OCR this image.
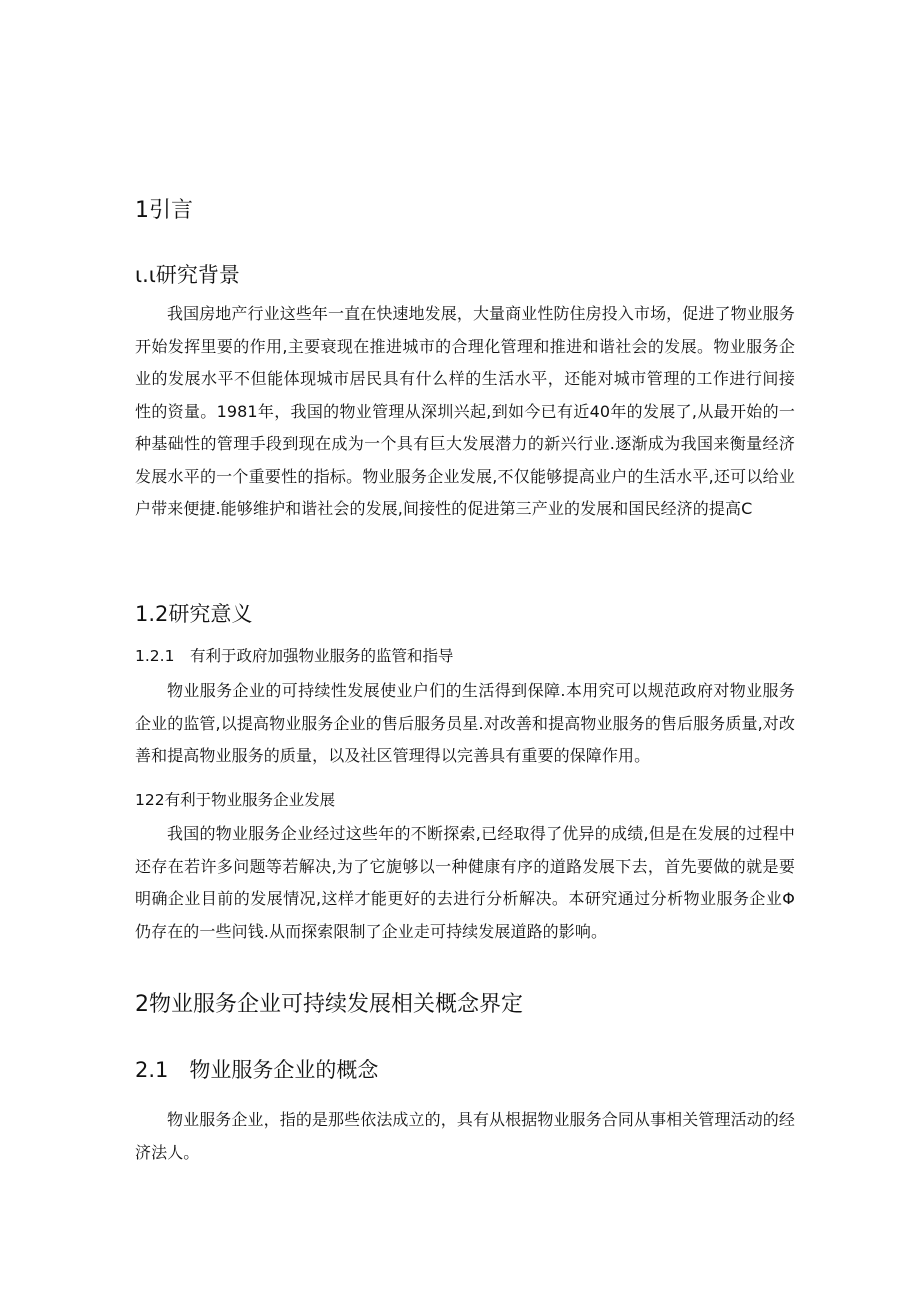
1引言
ι.ι研究背景

我国房地产行业这些年一直在快速地发展，大量商业性防住房投入市场，促进了物业服务开始发挥里要的作用,主要衰现在推进城市的合理化管理和推进和谐社会的发展。物业服务企业的发展水平不但能体现城市居民具有什么样的生活水平，还能对城市管理的工作进行间接性的资量。1981年，我国的物业管理从深圳兴起,到如今已有近40年的发展了,从最开始的一种基础性的管理手段到现在成为一个具有巨大发展潜力的新兴行业.逐渐成为我国来衡量经济发展水平的一个重要性的指标。物业服务企业发展,不仅能够提高业户的生活水平,还可以给业户带来便捷.能够维护和谐社会的发展,间接性的促进第三产业的发展和国民经济的提高C

1.2研究意义
1.2.1　有利于政府加强物业服务的监管和指导

物业服务企业的可持续性发展使业户们的生活得到保障.本用究可以规范政府对物业服务企业的监管,以提高物业服务企业的售后服务员星.对改善和提高物业服务的售后服务质量,对改善和提高物业服务的质量，以及社区管理得以完善具有重要的保障作用。

122有利于物业服务企业发展

我国的物业服务企业经过这些年的不断探索,已经取得了优异的成绩,但是在发展的过程中还存在若许多问题等若解决,为了它旎够以一种健康有序的道路发展下去，首先要做的就是要明确企业目前的发展情况,这样才能更好的去进行分析解决。本研究通过分析物业服务企业Φ仍存在的一些问钱.从而探索限制了企业走可持续发展道路的影响。

2物业服务企业可持续发展相关概念界定
2.1　物业服务企业的概念

物业服务企业，指的是那些依法成立的，具有从根据物业服务合同从事相关管理活动的经济法人。
